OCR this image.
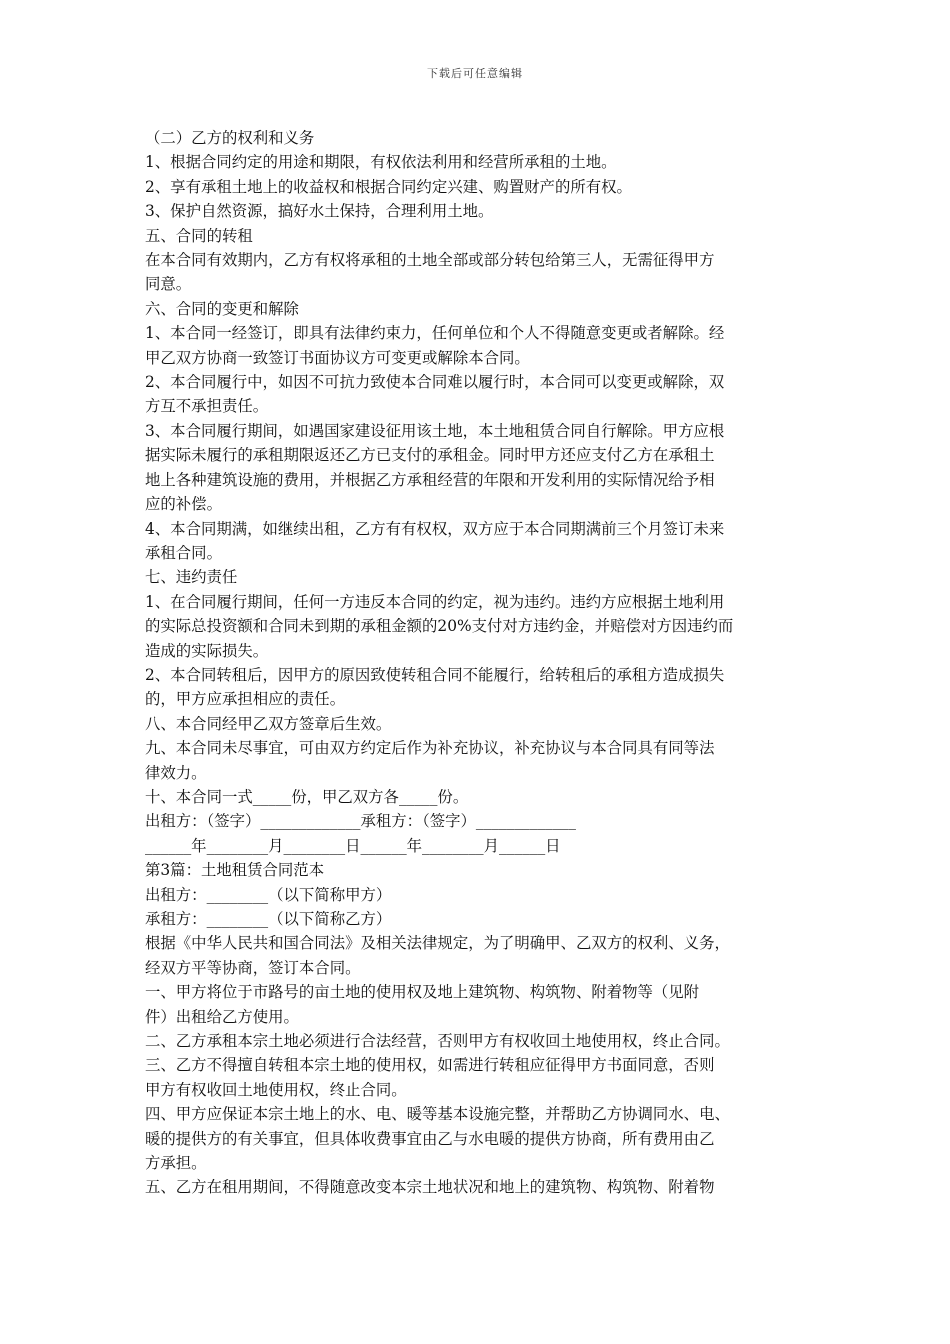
下载后可任意编辑

（二）乙方的权利和义务

1、根据合同约定的用途和期限，有权依法利用和经营所承租的土地。

2、享有承租土地上的收益权和根据合同约定兴建、购置财产的所有权。

3、保护自然资源，搞好水土保持，合理利用土地。

五、合同的转租

在本合同有效期内，乙方有权将承租的土地全部或部分转包给第三人，无需征得甲方

同意。

六、合同的变更和解除

1、本合同一经签订，即具有法律约束力，任何单位和个人不得随意变更或者解除。经

甲乙双方协商一致签订书面协议方可变更或解除本合同。

2、本合同履行中，如因不可抗力致使本合同难以履行时，本合同可以变更或解除，双

方互不承担责任。

3、本合同履行期间，如遇国家建设征用该土地，本土地租赁合同自行解除。甲方应根

据实际未履行的承租期限返还乙方已支付的承租金。同时甲方还应支付乙方在承租土

地上各种建筑设施的费用，并根据乙方承租经营的年限和开发利用的实际情况给予相

应的补偿。

4、本合同期满，如继续出租，乙方有有权权，双方应于本合同期满前三个月签订未来

承租合同。

七、违约责任

1、在合同履行期间，任何一方违反本合同的约定，视为违约。违约方应根据土地利用

的实际总投资额和合同未到期的承租金额的20%支付对方违约金，并赔偿对方因违约而

造成的实际损失。

2、本合同转租后，因甲方的原因致使转租合同不能履行，给转租后的承租方造成损失

的，甲方应承担相应的责任。

八、本合同经甲乙双方签章后生效。

九、本合同未尽事宜，可由双方约定后作为补充协议，补充协议与本合同具有同等法

律效力。

十、本合同一式_____份，甲乙双方各_____份。

出租方：（签字）_____________承租方：（签字）_____________

______年________月________日______年________月______日

第3篇：土地租赁合同范本

出租方：________（以下简称甲方）

承租方：________（以下简称乙方）

根据《中华人民共和国合同法》及相关法律规定，为了明确甲、乙双方的权利、义务，

经双方平等协商，签订本合同。

一、甲方将位于市路号的亩土地的使用权及地上建筑物、构筑物、附着物等（见附

件）出租给乙方使用。

二、乙方承租本宗土地必须进行合法经营，否则甲方有权收回土地使用权，终止合同。

三、乙方不得擅自转租本宗土地的使用权，如需进行转租应征得甲方书面同意，否则

甲方有权收回土地使用权，终止合同。

四、甲方应保证本宗土地上的水、电、暖等基本设施完整，并帮助乙方协调同水、电、

暖的提供方的有关事宜，但具体收费事宜由乙与水电暖的提供方协商，所有费用由乙

方承担。

五、乙方在租用期间，不得随意改变本宗土地状况和地上的建筑物、构筑物、附着物
